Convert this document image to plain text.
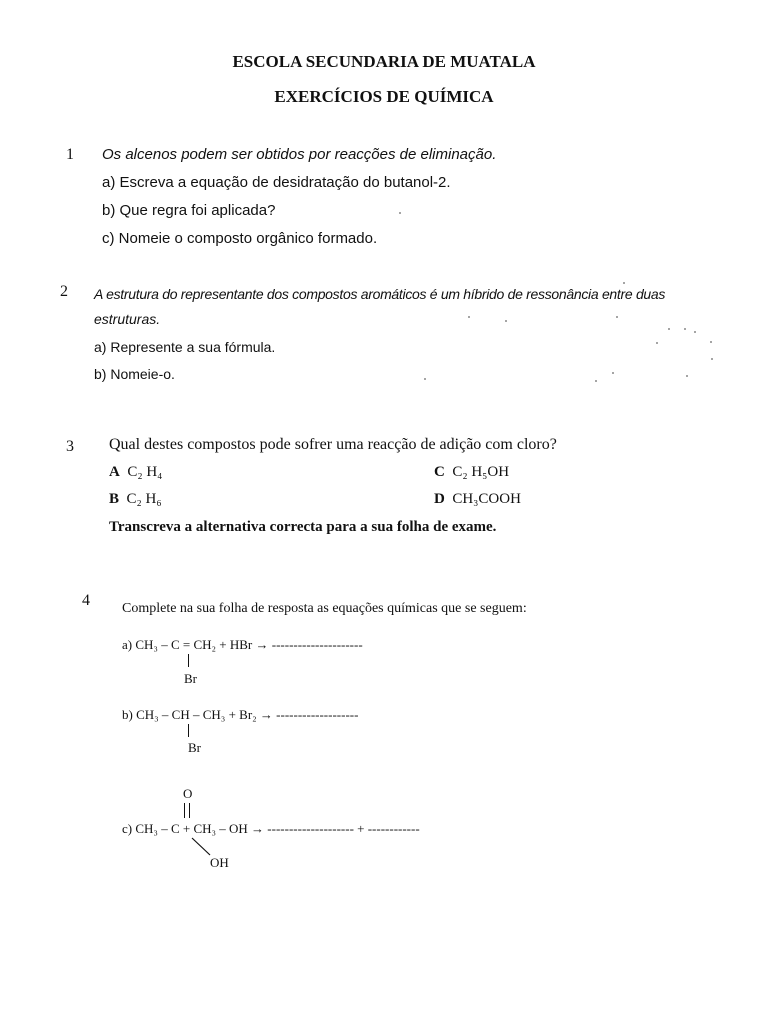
ESCOLA SECUNDARIA DE MUATALA
EXERCÍCIOS DE QUÍMICA
1 Os alcenos podem ser obtidos por reacções de eliminação.
a) Escreva a equação de desidratação do butanol-2.
b) Que regra foi aplicada?
c) Nomeie o composto orgânico formado.
2 A estrutura do representante dos compostos aromáticos é um híbrido de ressonância entre duas
estruturas.
a) Represente a sua fórmula.
b) Nomeie-o.
3 Qual destes compostos pode sofrer uma reacção de adição com cloro?
A C₂ H₄
B C₂ H₆
C C₂ H₅OH
D CH₃COOH
Transcreva a alternativa correcta para a sua folha de exame.
4 Complete na sua folha de resposta as equações químicas que se seguem:
a) CH₃ – C = CH₂ + HBr → ---------------------
Br
b) CH₃ – CH – CH₃ + Br₂ → -------------------
Br
O
c) CH₃ – C + CH₃ – OH → -------------------- + ------------
OH
